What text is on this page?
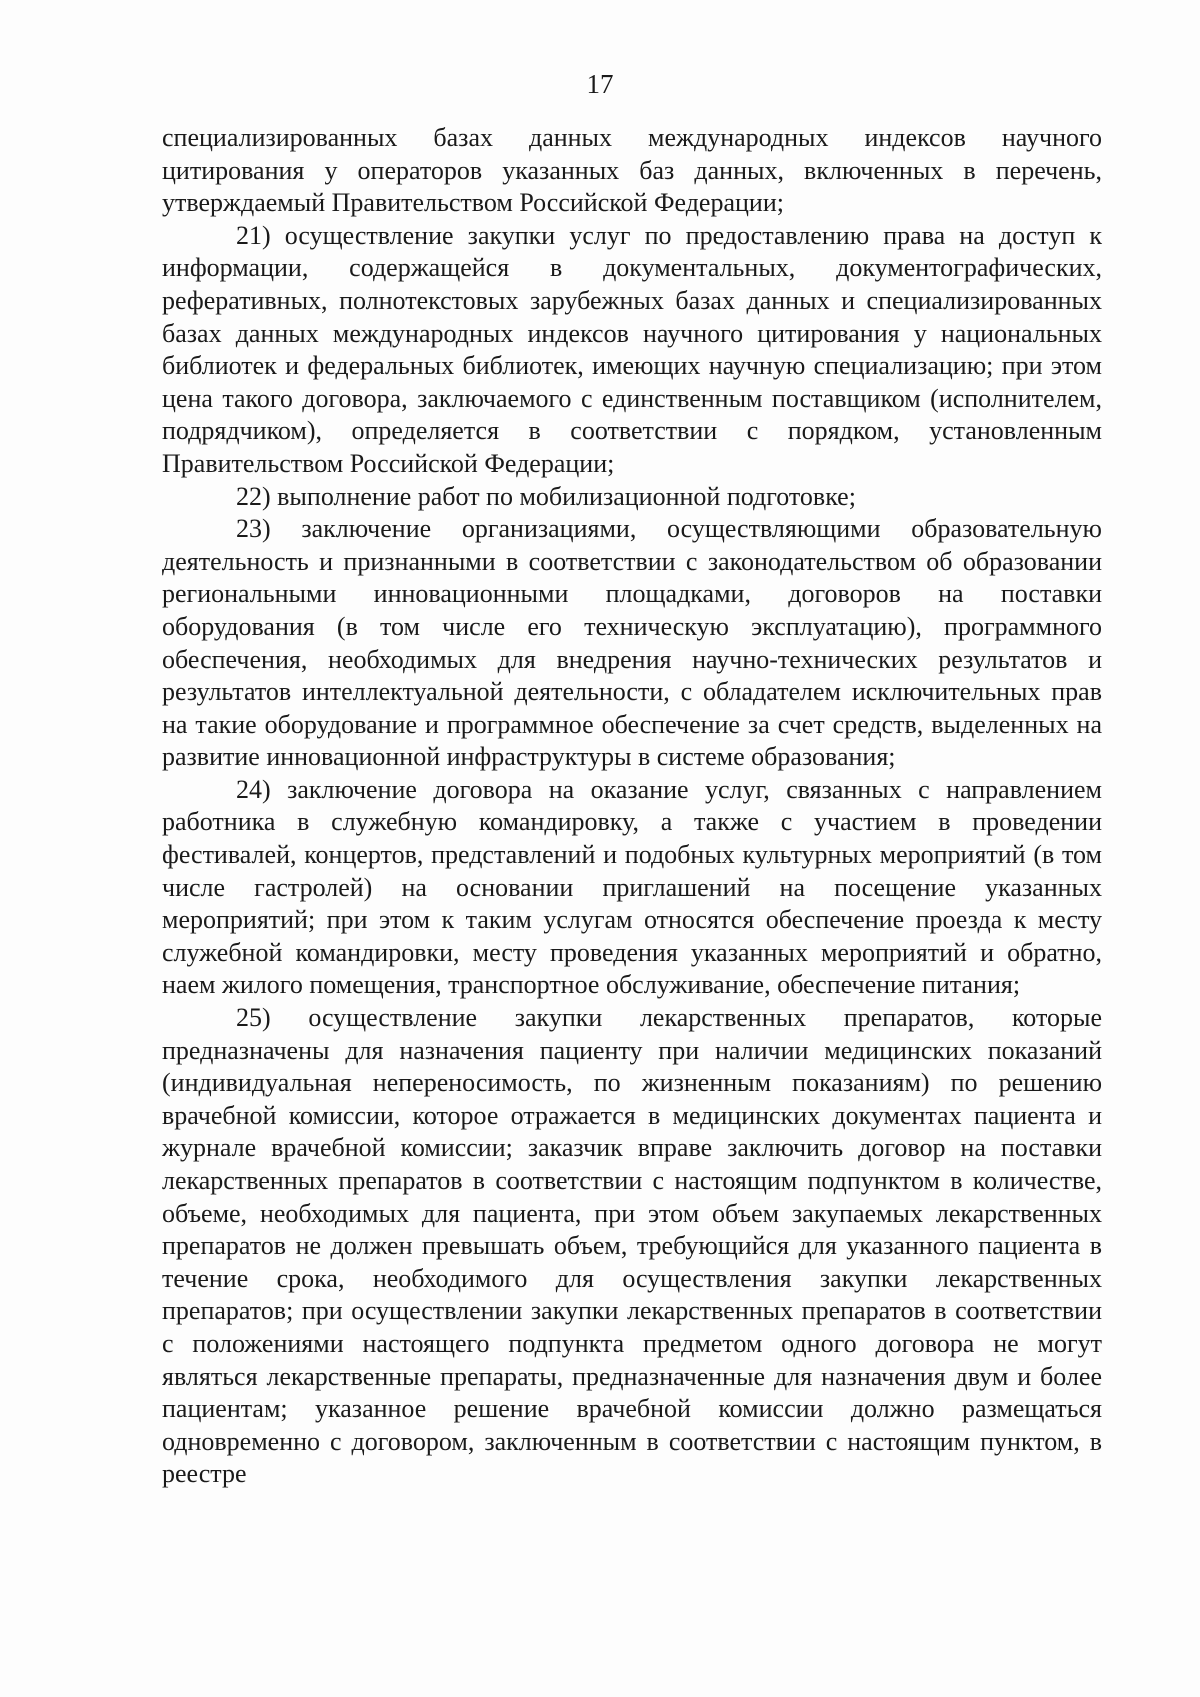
17

специализированных базах данных международных индексов научного цитирования у операторов указанных баз данных, включенных в перечень, утверждаемый Правительством Российской Федерации;

21) осуществление закупки услуг по предоставлению права на доступ к информации, содержащейся в документальных, документографических, реферативных, полнотекстовых зарубежных базах данных и специализированных базах данных международных индексов научного цитирования у национальных библиотек и федеральных библиотек, имеющих научную специализацию; при этом цена такого договора, заключаемого с единственным поставщиком (исполнителем, подрядчиком), определяется в соответствии с порядком, установленным Правительством Российской Федерации;

22) выполнение работ по мобилизационной подготовке;

23) заключение организациями, осуществляющими образовательную деятельность и признанными в соответствии с законодательством об образовании региональными инновационными площадками, договоров на поставки оборудования (в том числе его техническую эксплуатацию), программного обеспечения, необходимых для внедрения научно-технических результатов и результатов интеллектуальной деятельности, с обладателем исключительных прав на такие оборудование и программное обеспечение за счет средств, выделенных на развитие инновационной инфраструктуры в системе образования;

24) заключение договора на оказание услуг, связанных с направлением работника в служебную командировку, а также с участием в проведении фестивалей, концертов, представлений и подобных культурных мероприятий (в том числе гастролей) на основании приглашений на посещение указанных мероприятий; при этом к таким услугам относятся обеспечение проезда к месту служебной командировки, месту проведения указанных мероприятий и обратно, наем жилого помещения, транспортное обслуживание, обеспечение питания;

25) осуществление закупки лекарственных препаратов, которые предназначены для назначения пациенту при наличии медицинских показаний (индивидуальная непереносимость, по жизненным показаниям) по решению врачебной комиссии, которое отражается в медицинских документах пациента и журнале врачебной комиссии; заказчик вправе заключить договор на поставки лекарственных препаратов в соответствии с настоящим подпунктом в количестве, объеме, необходимых для пациента, при этом объем закупаемых лекарственных препаратов не должен превышать объем, требующийся для указанного пациента в течение срока, необходимого для осуществления закупки лекарственных препаратов; при осуществлении закупки лекарственных препаратов в соответствии с положениями настоящего подпункта предметом одного договора не могут являться лекарственные препараты, предназначенные для назначения двум и более пациентам; указанное решение врачебной комиссии должно размещаться одновременно с договором, заключенным в соответствии с настоящим пунктом, в реестре
